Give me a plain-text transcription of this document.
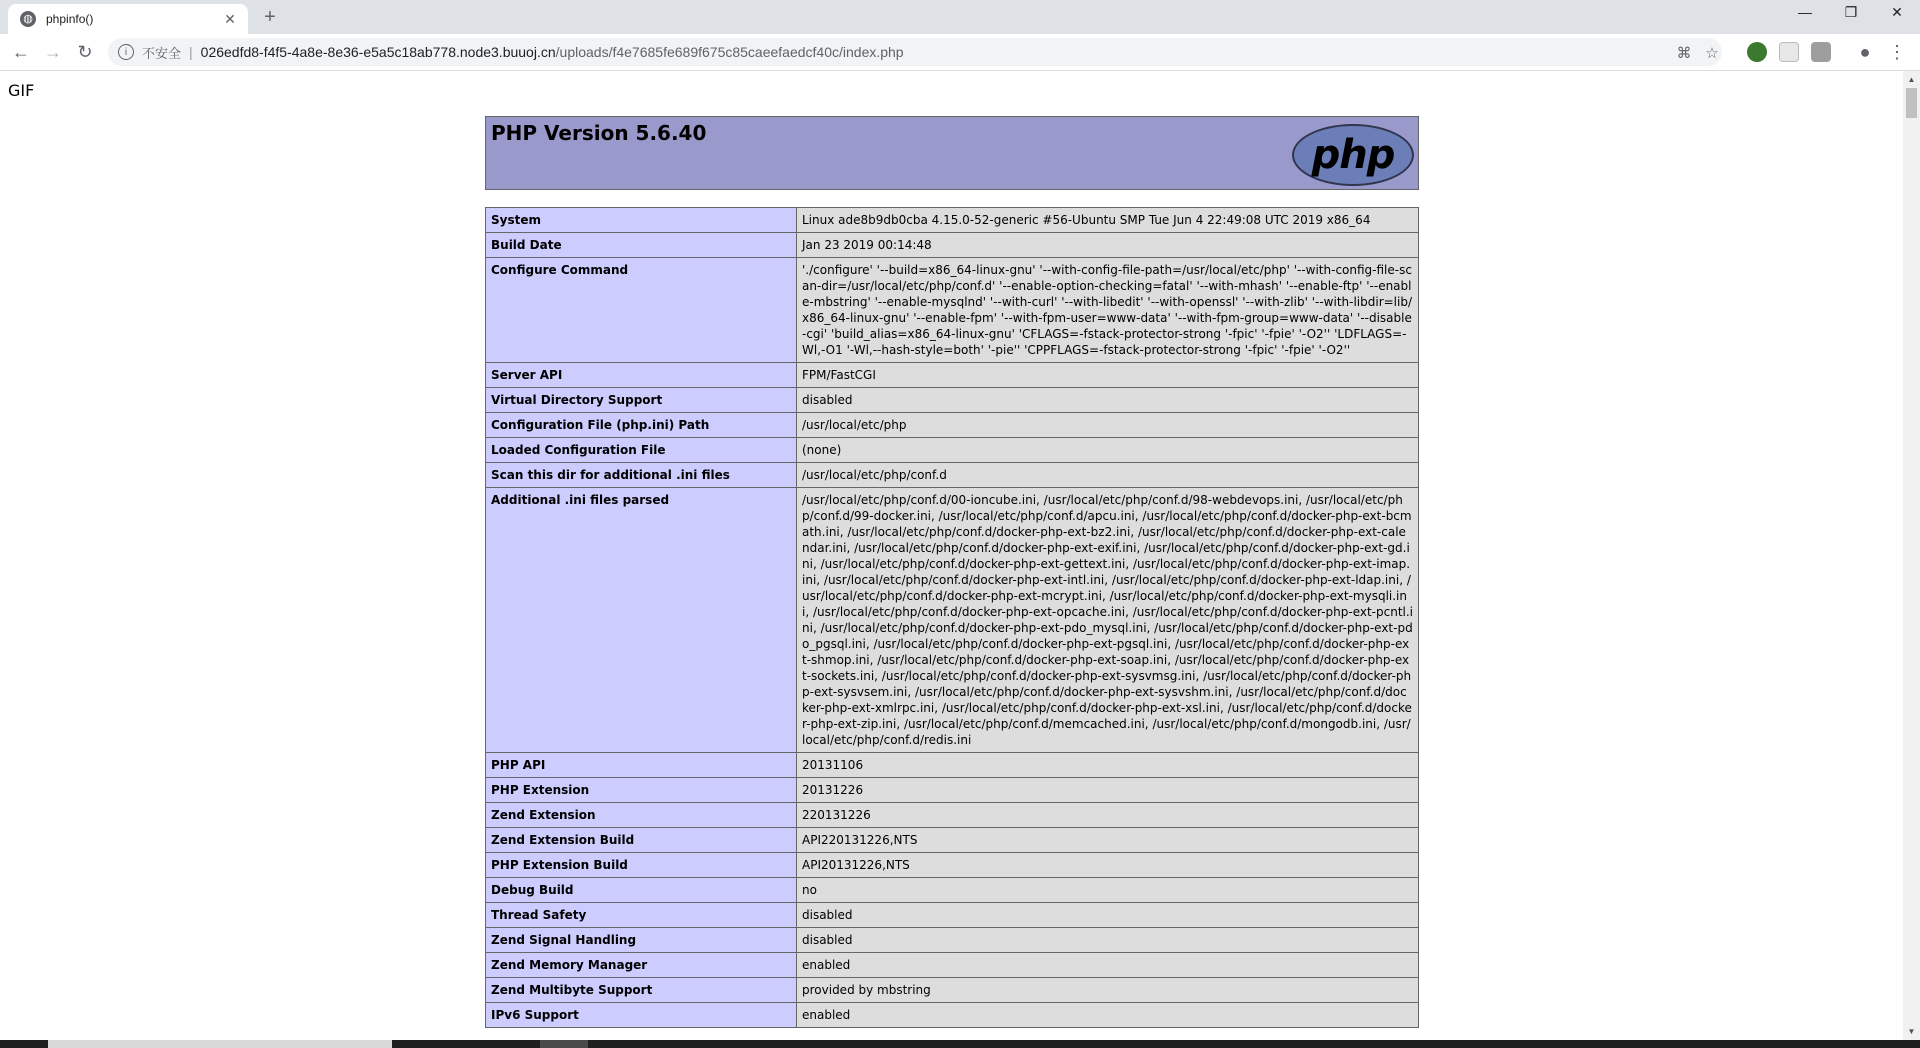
◍ phpinfo()	✕	+	—	❐	✕
← → ↻	i	不安全 | 026edfd8-f4f5-4a8e-8e36-e5a5c18ab778.node3.buuoj.cn /uploads/f4e7685fe689f675c85caeefaedcf40c/index.php	⌘ ☆	● ⋮
GIF
PHP Version 5.6.40	php
System	Linux ade8b9db0cba 4.15.0-52-generic #56-Ubuntu SMP Tue Jun 4 22:49:08 UTC 2019 x86_64
Build Date	Jan 23 2019 00:14:48
Configure Command	'./configure' '--build=x86_64-linux-gnu' '--with-config-file-path=/usr/local/etc/php' '--with-config-file-scan-dir=/usr/local/etc/php/conf.d' '--enable-option-checking=fatal' '--with-mhash' '--enable-ftp' '--enable-mbstring' '--enable-mysqlnd' '--with-curl' '--with-libedit' '--with-openssl' '--with-zlib' '--with-libdir=lib/x86_64-linux-gnu' '--enable-fpm' '--with-fpm-user=www-data' '--with-fpm-group=www-data' '--disable-cgi' 'build_alias=x86_64-linux-gnu' 'CFLAGS=-fstack-protector-strong '-fpic' '-fpie' '-O2'' 'LDFLAGS=-Wl,-O1 '-Wl,--hash-style=both' '-pie'' 'CPPFLAGS=-fstack-protector-strong '-fpic' '-fpie' '-O2''
Server API	FPM/FastCGI
Virtual Directory Support	disabled
Configuration File (php.ini) Path	/usr/local/etc/php
Loaded Configuration File	(none)
Scan this dir for additional .ini files	/usr/local/etc/php/conf.d
Additional .ini files parsed	/usr/local/etc/php/conf.d/00-ioncube.ini, /usr/local/etc/php/conf.d/98-webdevops.ini, /usr/local/etc/php/conf.d/99-docker.ini, /usr/local/etc/php/conf.d/apcu.ini, /usr/local/etc/php/conf.d/docker-php-ext-bcmath.ini, /usr/local/etc/php/conf.d/docker-php-ext-bz2.ini, /usr/local/etc/php/conf.d/docker-php-ext-calendar.ini, /usr/local/etc/php/conf.d/docker-php-ext-exif.ini, /usr/local/etc/php/conf.d/docker-php-ext-gd.ini, /usr/local/etc/php/conf.d/docker-php-ext-gettext.ini, /usr/local/etc/php/conf.d/docker-php-ext-imap.ini, /usr/local/etc/php/conf.d/docker-php-ext-intl.ini, /usr/local/etc/php/conf.d/docker-php-ext-ldap.ini, /usr/local/etc/php/conf.d/docker-php-ext-mcrypt.ini, /usr/local/etc/php/conf.d/docker-php-ext-mysqli.ini, /usr/local/etc/php/conf.d/docker-php-ext-opcache.ini, /usr/local/etc/php/conf.d/docker-php-ext-pcntl.ini, /usr/local/etc/php/conf.d/docker-php-ext-pdo_mysql.ini, /usr/local/etc/php/conf.d/docker-php-ext-pdo_pgsql.ini, /usr/local/etc/php/conf.d/docker-php-ext-pgsql.ini, /usr/local/etc/php/conf.d/docker-php-ext-shmop.ini, /usr/local/etc/php/conf.d/docker-php-ext-soap.ini, /usr/local/etc/php/conf.d/docker-php-ext-sockets.ini, /usr/local/etc/php/conf.d/docker-php-ext-sysvmsg.ini, /usr/local/etc/php/conf.d/docker-php-ext-sysvsem.ini, /usr/local/etc/php/conf.d/docker-php-ext-sysvshm.ini, /usr/local/etc/php/conf.d/docker-php-ext-xmlrpc.ini, /usr/local/etc/php/conf.d/docker-php-ext-xsl.ini, /usr/local/etc/php/conf.d/docker-php-ext-zip.ini, /usr/local/etc/php/conf.d/memcached.ini, /usr/local/etc/php/conf.d/mongodb.ini, /usr/local/etc/php/conf.d/redis.ini
PHP API	20131106
PHP Extension	20131226
Zend Extension	220131226
Zend Extension Build	API220131226,NTS
PHP Extension Build	API20131226,NTS
Debug Build	no
Thread Safety	disabled
Zend Signal Handling	disabled
Zend Memory Manager	enabled
Zend Multibyte Support	provided by mbstring
IPv6 Support	enabled
▲
▼
